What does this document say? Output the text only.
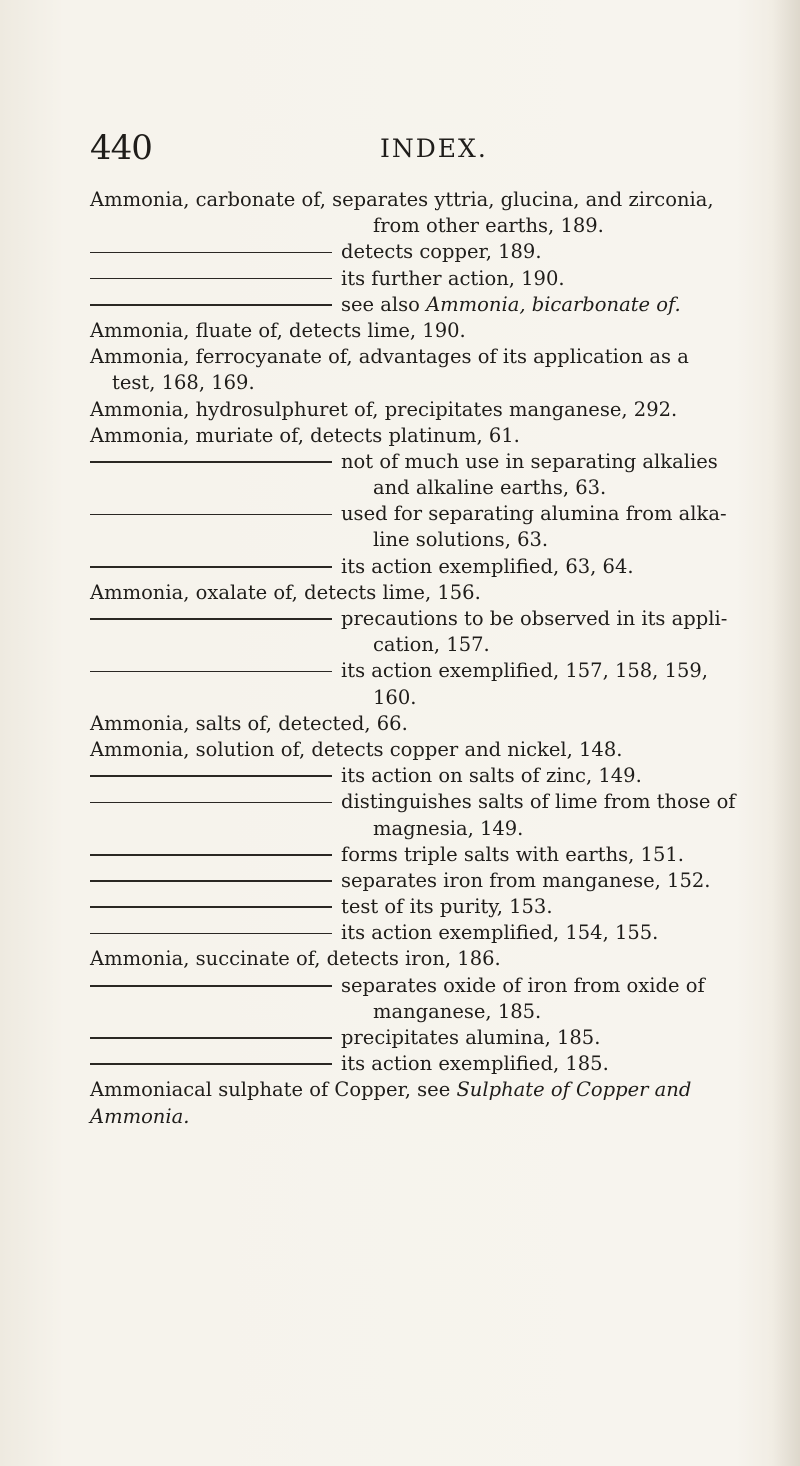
440	INDEX.
Ammonia, carbonate of, separates yttria, glucina, and zirconia,
from other earths, 189.
detects copper, 189.
its further action, 190.
see also Ammonia, bicarbonate of.
Ammonia, fluate of, detects lime, 190.
Ammonia, ferrocyanate of, advantages of its application as a
test, 168, 169.
Ammonia, hydrosulphuret of, precipitates manganese, 292.
Ammonia, muriate of, detects platinum, 61.
not of much use in separating alkalies
and alkaline earths, 63.
used for separating alumina from alka-
line solutions, 63.
its action exemplified, 63, 64.
Ammonia, oxalate of, detects lime, 156.
precautions to be observed in its appli-
cation, 157.
its action exemplified, 157, 158, 159,
160.
Ammonia, salts of, detected, 66.
Ammonia, solution of, detects copper and nickel, 148.
its action on salts of zinc, 149.
distinguishes salts of lime from those of
magnesia, 149.
forms triple salts with earths, 151.
separates iron from manganese, 152.
test of its purity, 153.
its action exemplified, 154, 155.
Ammonia, succinate of, detects iron, 186.
separates oxide of iron from oxide of
manganese, 185.
precipitates alumina, 185.
its action exemplified, 185.
Ammoniacal sulphate of Copper, see Sulphate of Copper and
Ammonia.
